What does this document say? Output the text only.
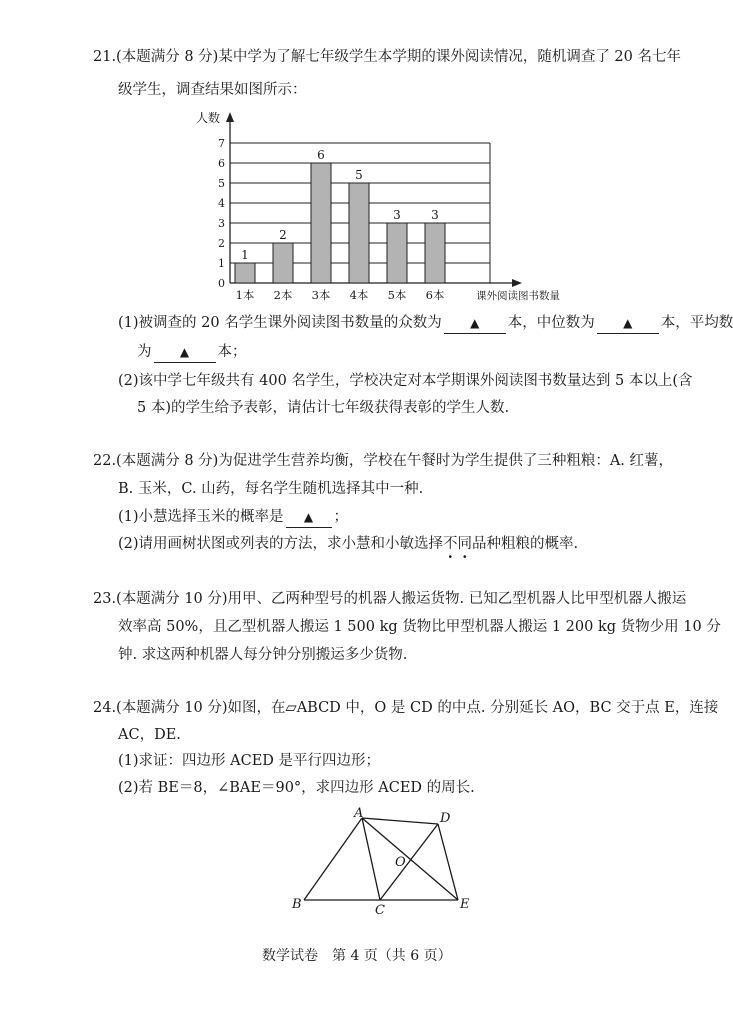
21.(本题满分 8 分)某中学为了解七年级学生本学期的课外阅读情况，随机调查了 20 名七年
级学生，调查结果如图所示：
0
1
2
3
4
5
6
7
人数
课外阅读图书数量
1
1本
2
2本
6
3本
5
4本
3
5本
3
6本
(1)被调查的 20 名学生课外阅读图书数量的众数为 ▲ 本，中位数为 ▲ 本，平均数
为 ▲ 本；
(2)该中学七年级共有 400 名学生，学校决定对本学期课外阅读图书数量达到 5 本以上(含
5 本)的学生给予表彰，请估计七年级获得表彰的学生人数.
22.(本题满分 8 分)为促进学生营养均衡，学校在午餐时为学生提供了三种粗粮：A. 红薯，
B. 玉米，C. 山药，每名学生随机选择其中一种.
(1)小慧选择玉米的概率是 ▲ ；
(2)请用画树状图或列表的方法，求小慧和小敏选择不同品种粗粮的概率.
23.(本题满分 10 分)用甲、乙两种型号的机器人搬运货物. 已知乙型机器人比甲型机器人搬运
效率高 50%，且乙型机器人搬运 1 500 kg 货物比甲型机器人搬运 1 200 kg 货物少用 10 分
钟. 求这两种机器人每分钟分别搬运多少货物.
24.(本题满分 10 分)如图，在▱ABCD 中，O 是 CD 的中点. 分别延长 AO，BC 交于点 E，连接
AC，DE.
(1)求证：四边形 ACED 是平行四边形；
(2)若 BE＝8，∠BAE＝90°，求四边形 ACED 的周长.
A	D
O
B	C	E
数学试卷　第 4 页（共 6 页）
